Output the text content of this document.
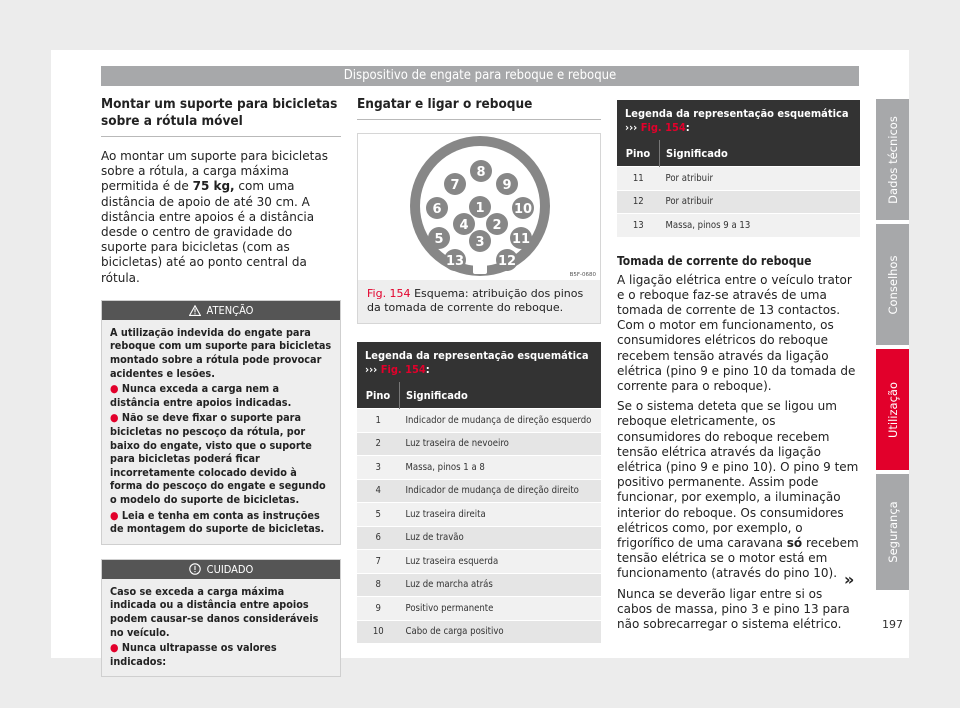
Dispositivo de engate para reboque e reboque
Montar um suporte para bicicletas sobre a rótula móvel

Ao montar um suporte para bicicletas sobre a rótula, a carga máxima permitida é de 75 kg, com uma distância de apoio de até 30 cm. A distância entre apoios é a distância desde o centro de gravidade do suporte para bicicletas (com as bicicletas) até ao ponto central da rótula.

ATENÇÃO
A utilização indevida do engate para reboque com um suporte para bicicletas montado sobre a rótula pode provocar acidentes e lesões.
● Nunca exceda a carga nem a distância entre apoios indicadas.
● Não se deve fixar o suporte para bicicletas no pescoço da rótula, por baixo do engate, visto que o suporte para bicicletas poderá ficar incorretamente colocado devido à forma do pescoço do engate e segundo o modelo do suporte de bicicletas.
● Leia e tenha em conta as instruções de montagem do suporte de bicicletas.
CUIDADO
Caso se exceda a carga máxima indicada ou a distância entre apoios podem causar-se danos consideráveis no veículo.
● Nunca ultrapasse os valores indicados:
Engatar e ligar o reboque
1
2
3
4
5
6
7
8
9
10
11
12
13
B5F-0680
Fig. 154 Esquema: atribuição dos pinos da tomada de corrente do reboque.
Legenda da representação esquemática
››› Fig. 154:
Pino	Significado
1	Indicador de mudança de direção esquerdo
2	Luz traseira de nevoeiro
3	Massa, pinos 1 a 8
4	Indicador de mudança de direção direito
5	Luz traseira direita
6	Luz de travão
7	Luz traseira esquerda
8	Luz de marcha atrás
9	Positivo permanente
10	Cabo de carga positivo
Legenda da representação esquemática
››› Fig. 154:
Pino	Significado
11	Por atribuir
12	Por atribuir
13	Massa, pinos 9 a 13
Tomada de corrente do reboque

A ligação elétrica entre o veículo trator e o reboque faz-se através de uma tomada de corrente de 13 contactos. Com o motor em funcionamento, os consumidores elétricos do reboque recebem tensão através da ligação elétrica (pino 9 e pino 10 da tomada de corrente para o reboque).

Se o sistema deteta que se ligou um reboque eletricamente, os consumidores do reboque recebem tensão elétrica através da ligação elétrica (pino 9 e pino 10). O pino 9 tem positivo permanente. Assim pode funcionar, por exemplo, a iluminação interior do reboque. Os consumidores elétricos como, por exemplo, o frigorífico de uma caravana só recebem tensão elétrica se o motor está em funcionamento (através do pino 10).

Nunca se deverão ligar entre si os cabos de massa, pino 3 e pino 13 para não sobrecarregar o sistema elétrico.

»
Dados técnicos
Conselhos
Utilização
Segurança
197
